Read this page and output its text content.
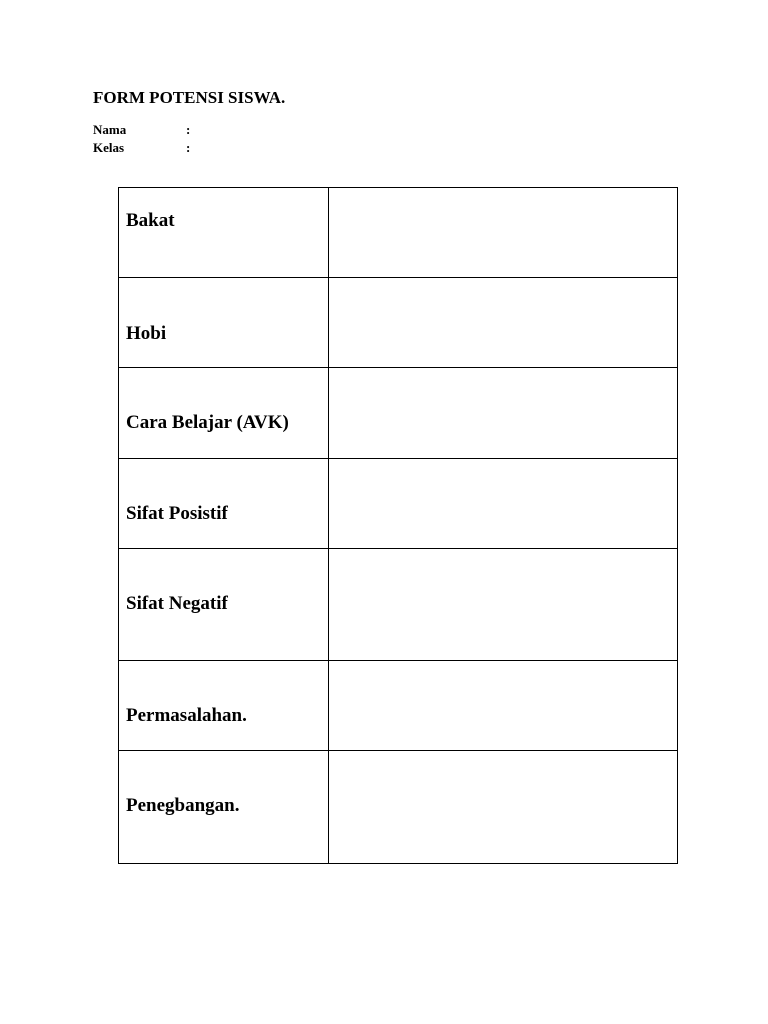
FORM POTENSI SISWA.
Nama	:
Kelas	:
Bakat	

Hobi	

Cara Belajar (AVK)	

Sifat Posistif	

Sifat Negatif	

Permasalahan.	

Penegbangan.	
